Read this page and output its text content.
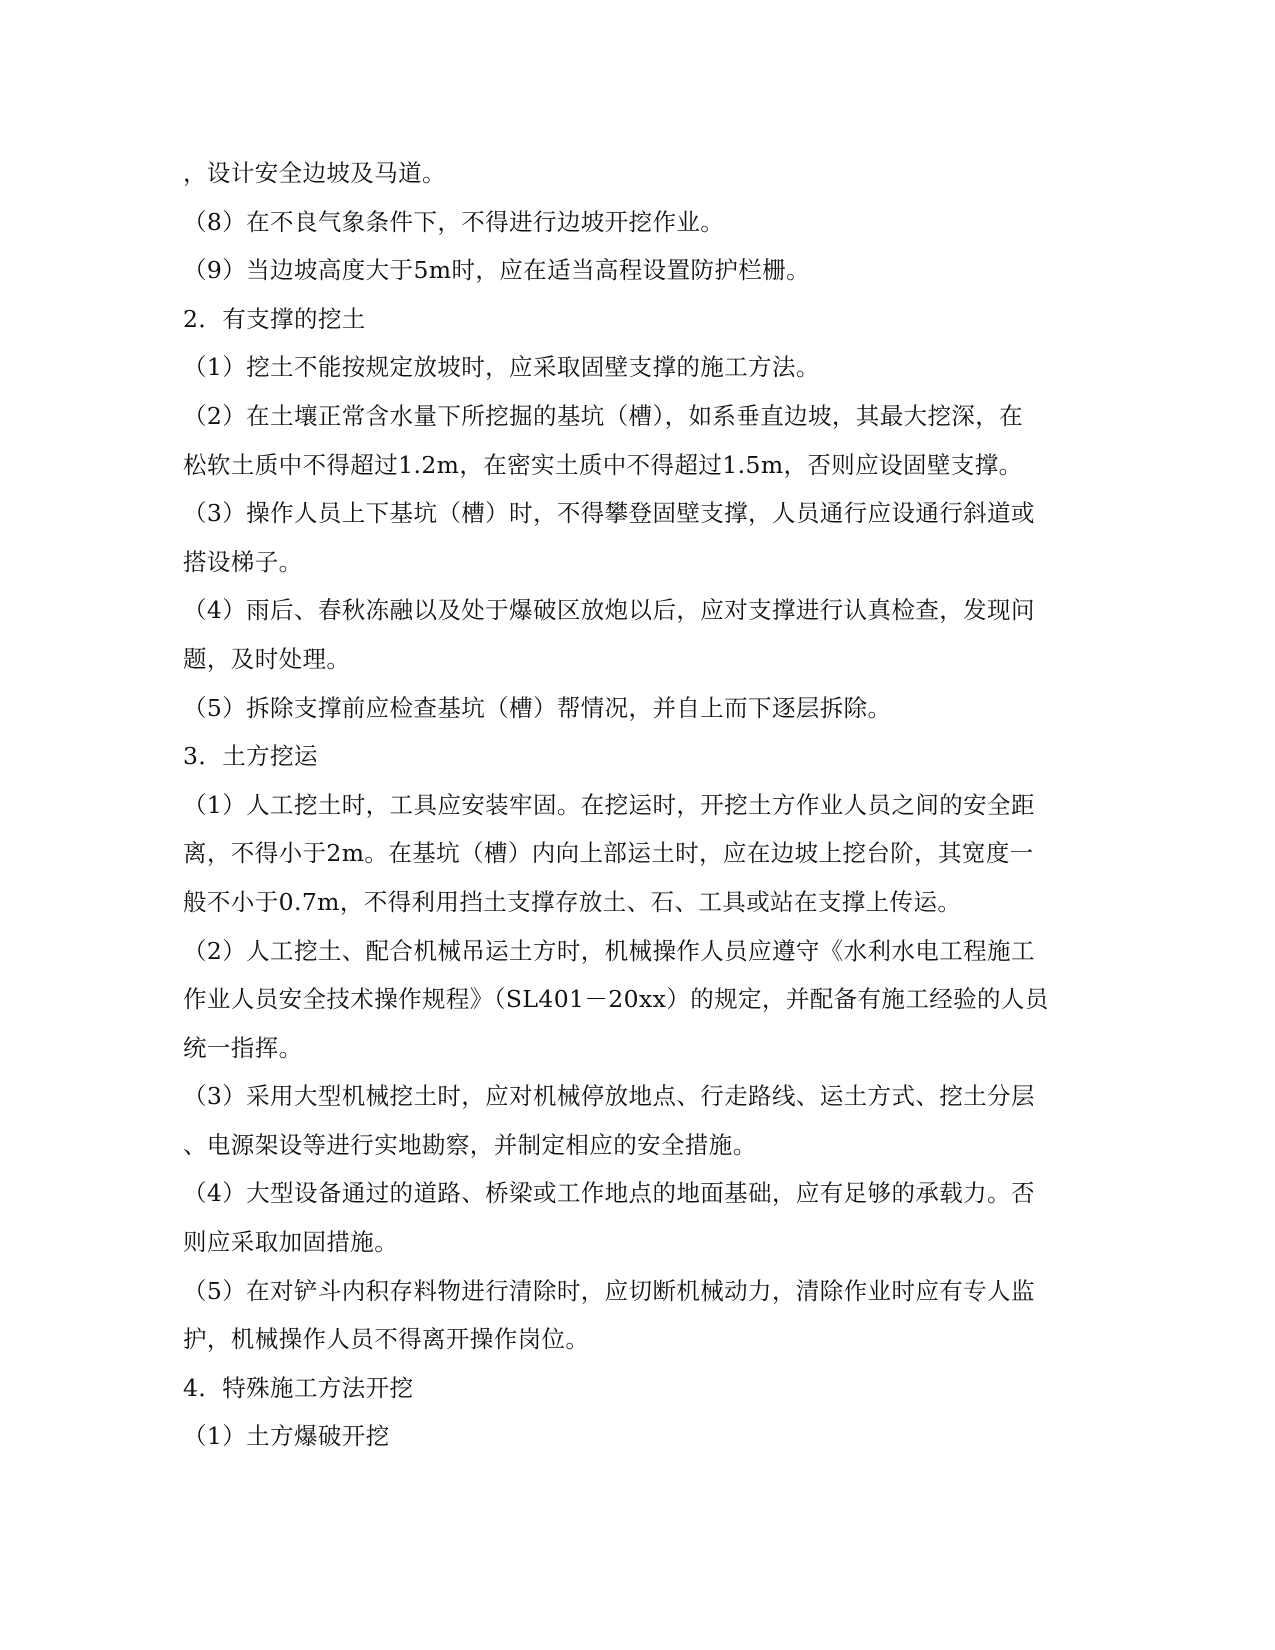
，设计安全边坡及马道。
（8）在不良气象条件下，不得进行边坡开挖作业。
（9）当边坡高度大于5m时，应在适当高程设置防护栏栅。
2．有支撑的挖土
（1）挖土不能按规定放坡时，应采取固壁支撑的施工方法。
（2）在土壤正常含水量下所挖掘的基坑（槽），如系垂直边坡，其最大挖深，在
松软土质中不得超过1.2m，在密实土质中不得超过1.5m，否则应设固壁支撑。
（3）操作人员上下基坑（槽）时，不得攀登固壁支撑，人员通行应设通行斜道或
搭设梯子。
（4）雨后、春秋冻融以及处于爆破区放炮以后，应对支撑进行认真检查，发现问
题，及时处理。
（5）拆除支撑前应检查基坑（槽）帮情况，并自上而下逐层拆除。
3．土方挖运
（1）人工挖土时，工具应安装牢固。在挖运时，开挖土方作业人员之间的安全距
离，不得小于2m。在基坑（槽）内向上部运土时，应在边坡上挖台阶，其宽度一
般不小于0.7m，不得利用挡土支撑存放土、石、工具或站在支撑上传运。
（2）人工挖土、配合机械吊运土方时，机械操作人员应遵守《水利水电工程施工
作业人员安全技术操作规程》（SL401－20xx）的规定，并配备有施工经验的人员
统一指挥。
（3）采用大型机械挖土时，应对机械停放地点、行走路线、运土方式、挖土分层
、电源架设等进行实地勘察，并制定相应的安全措施。
（4）大型设备通过的道路、桥梁或工作地点的地面基础，应有足够的承载力。否
则应采取加固措施。
（5）在对铲斗内积存料物进行清除时，应切断机械动力，清除作业时应有专人监
护，机械操作人员不得离开操作岗位。
4．特殊施工方法开挖
（1）土方爆破开挖
